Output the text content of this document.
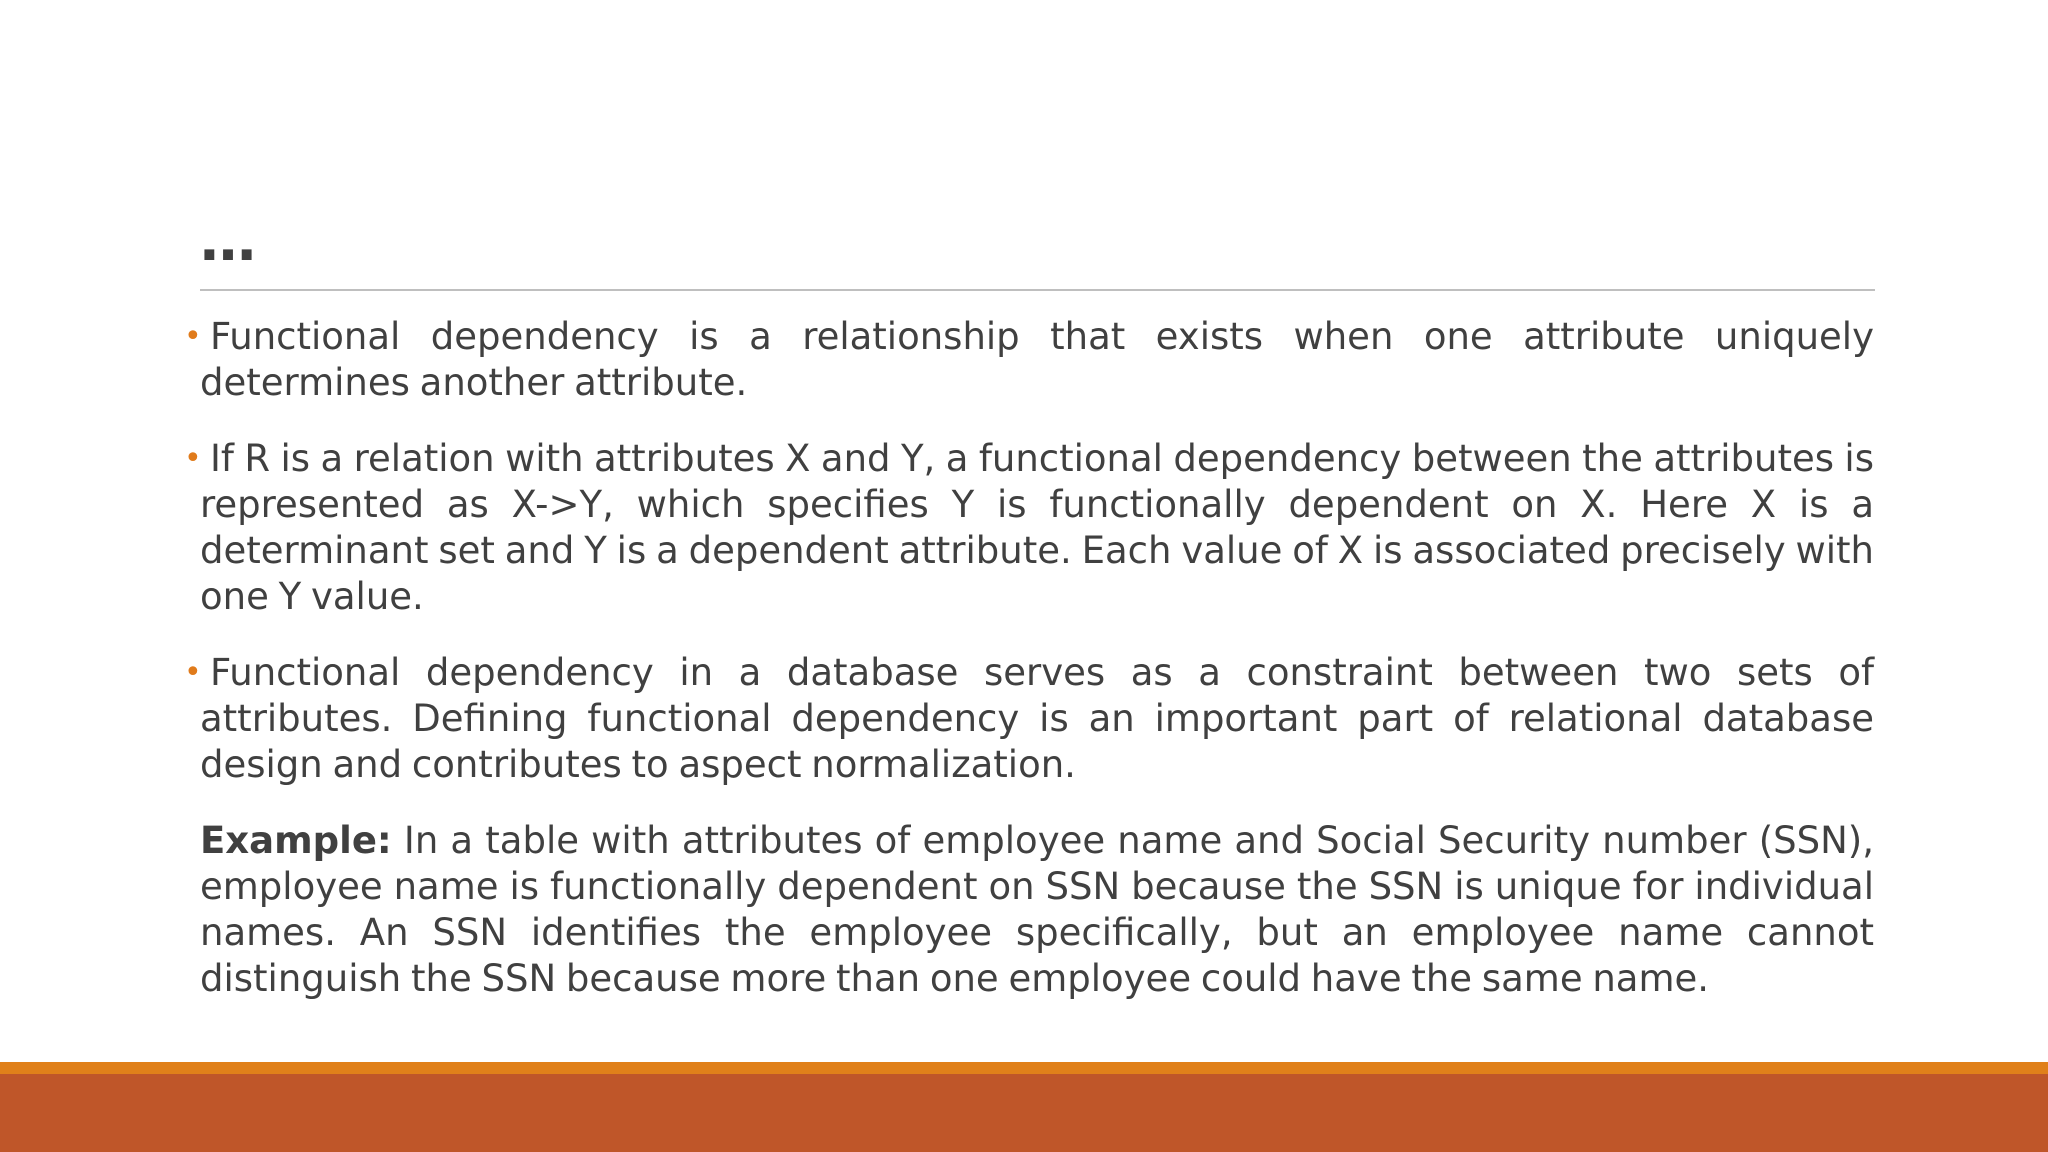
…

• Functional dependency is a relationship that exists when one attribute uniquely determines another attribute.

• If R is a relation with attributes X and Y, a functional dependency between the attributes is represented as X->Y, which specifies Y is functionally dependent on X. Here X is a determinant set and Y is a dependent attribute. Each value of X is associated precisely with one Y value.

• Functional dependency in a database serves as a constraint between two sets of attributes. Defining functional dependency is an important part of relational database design and contributes to aspect normalization.

Example: In a table with attributes of employee name and Social Security number (SSN), employee name is functionally dependent on SSN because the SSN is unique for individual names. An SSN identifies the employee specifically, but an employee name cannot distinguish the SSN because more than one employee could have the same name.
